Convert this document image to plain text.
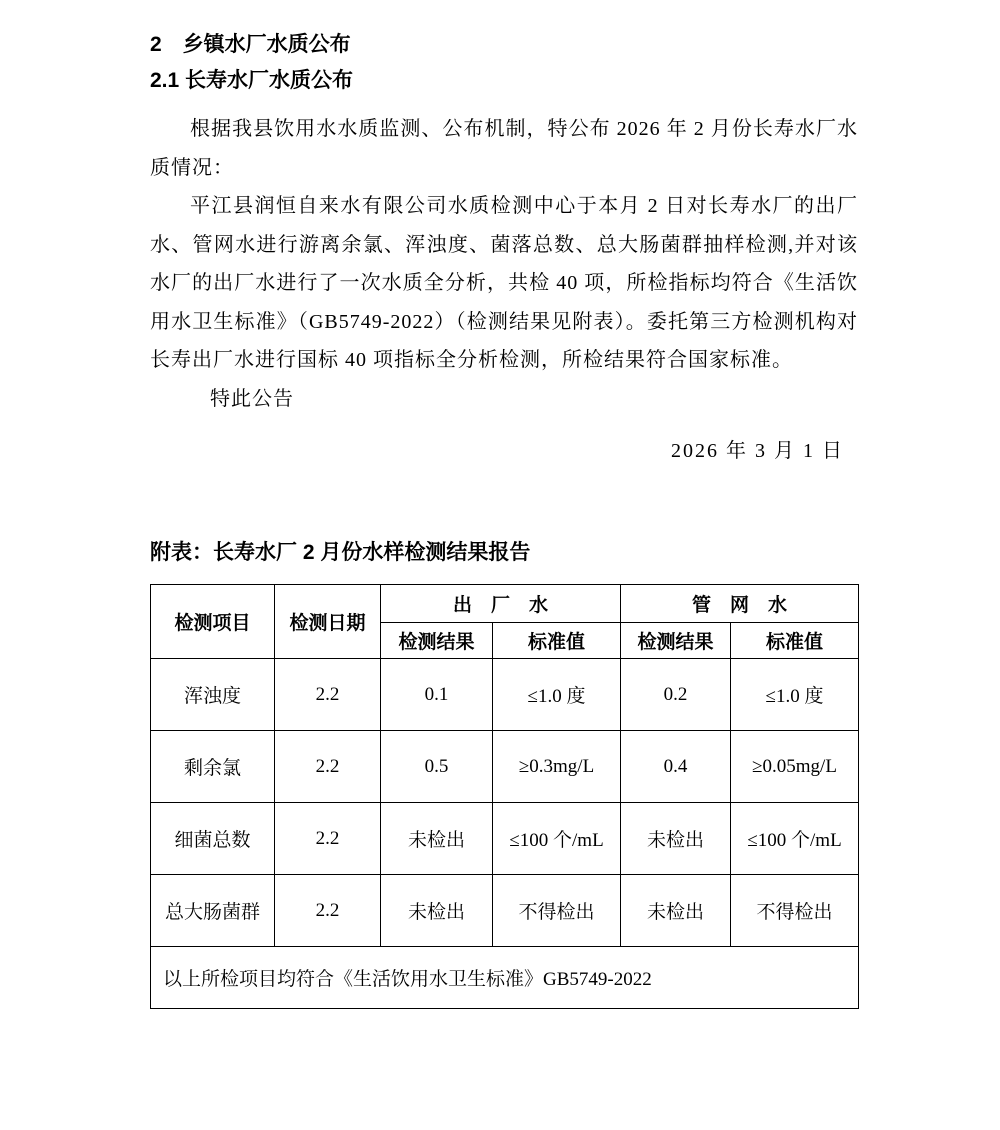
2　乡镇水厂水质公布

2.1 长寿水厂水质公布

根据我县饮用水水质监测、公布机制，特公布 2026 年 2 月份长寿水厂水质情况：

平江县润恒自来水有限公司水质检测中心于本月 2 日对长寿水厂的出厂水、管网水进行游离余氯、浑浊度、菌落总数、总大肠菌群抽样检测,并对该水厂的出厂水进行了一次水质全分析，共检 40 项，所检指标均符合《生活饮用水卫生标准》（GB5749-2022）（检测结果见附表）。委托第三方检测机构对长寿出厂水进行国标 40 项指标全分析检测，所检结果符合国家标准。

特此公告

2026 年 3 月 1 日

附表：长寿水厂 2 月份水样检测结果报告

检测项目	检测日期	出　厂　水		管　网　水	
		检测结果	标准值	检测结果	标准值
浑浊度	2.2	0.1	≤1.0 度	0.2	≤1.0 度
剩余氯	2.2	0.5	≥0.3mg/L	0.4	≥0.05mg/L
细菌总数	2.2	未检出	≤100 个/mL	未检出	≤100 个/mL
总大肠菌群	2.2	未检出	不得检出	未检出	不得检出
以上所检项目均符合《生活饮用水卫生标准》GB5749-2022					
